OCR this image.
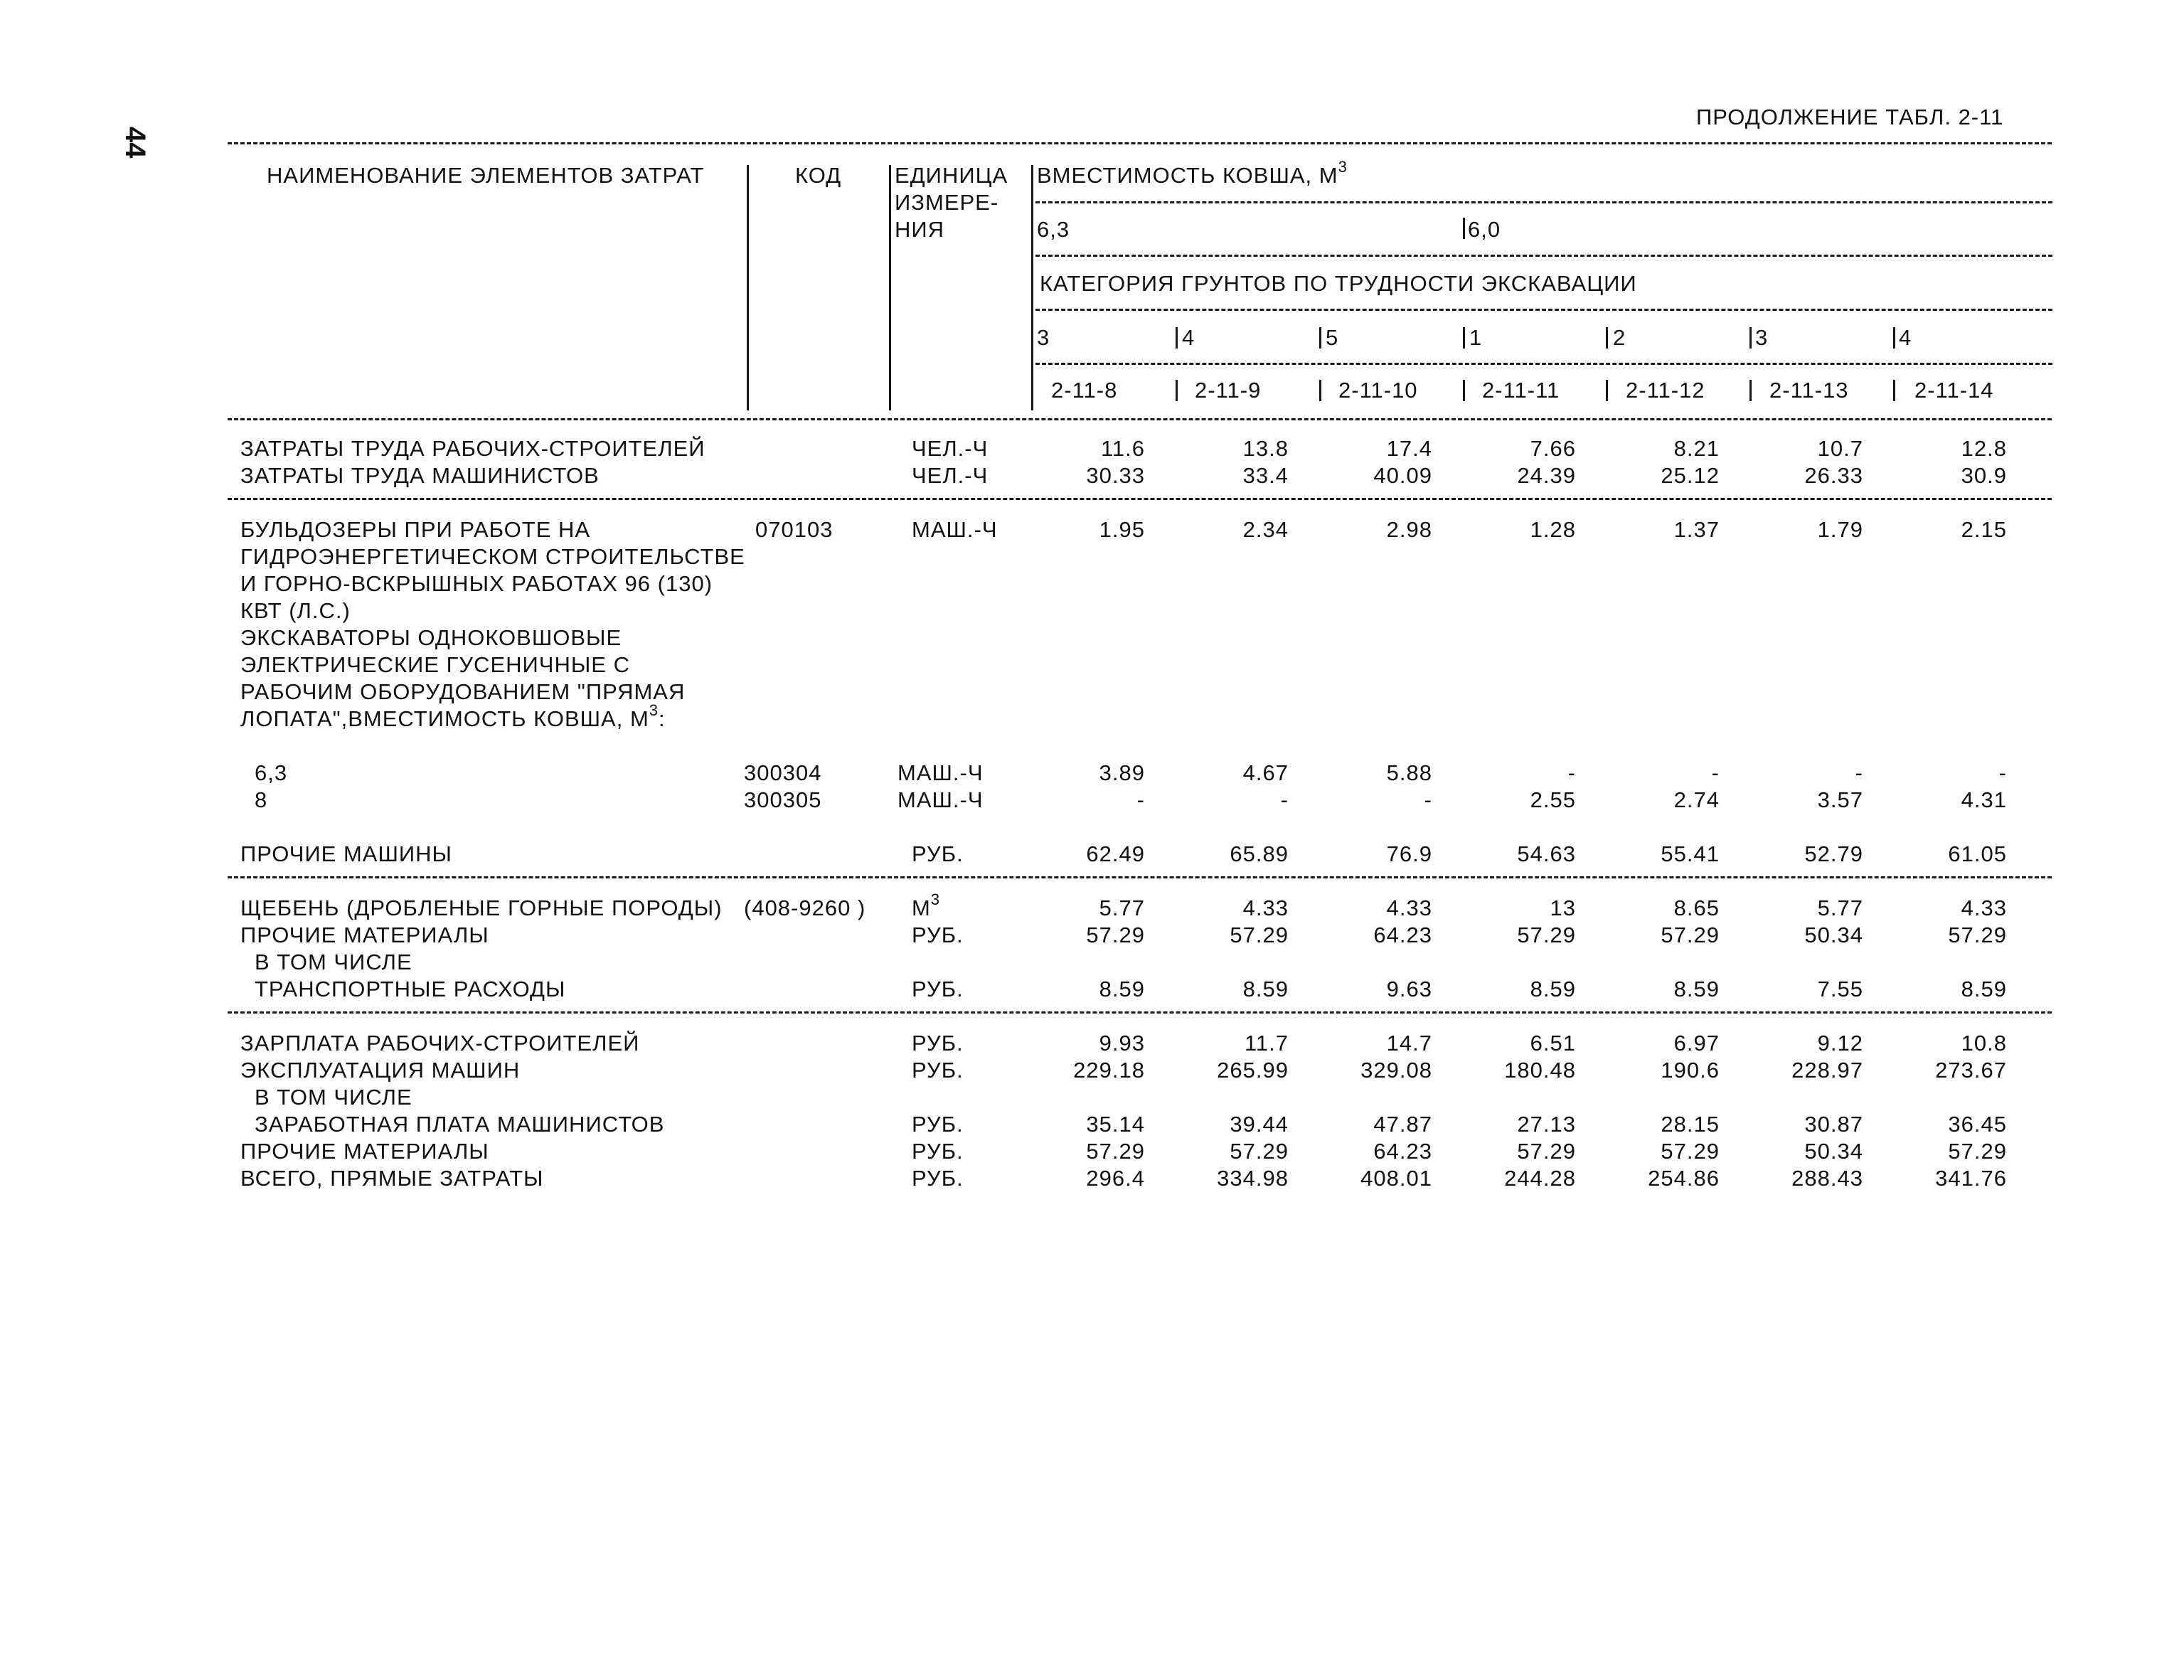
44
ПРОДОЛЖЕНИЕ ТАБЛ. 2-11
НАИМЕНОВАНИЕ ЭЛЕМЕНТОВ ЗАТРАТ	КОД ЕДИНИЦА
ИЗМЕРЕ-
НИЯ
ВМЕСТИМОСТЬ КОВША, $М^3$
6,3	6,0
КАТЕГОРИЯ ГРУНТОВ ПО ТРУДНОСТИ ЭКСКАВАЦИИ
3	4	5	1	2	3	4
2-11-8	2-11-9	2-11-10	2-11-11	2-11-12	2-11-13	2-11-14
ЗАТРАТЫ ТРУДА РАБОЧИХ-СТРОИТЕЛЕЙ	ЧЕЛ.-Ч	11.6	13.8	17.4	7.66	8.21	10.7	12.8
ЗАТРАТЫ ТРУДА МАШИНИСТОВ	ЧЕЛ.-Ч	30.33	33.4	40.09	24.39	25.12	26.33	30.9
БУЛЬДОЗЕРЫ ПРИ РАБОТЕ НА
ГИДРОЭНЕРГЕТИЧЕСКОМ СТРОИТЕЛЬСТВЕ
И ГОРНО-ВСКРЫШНЫХ РАБОТАХ 96 (130)
КВТ (Л.С.)
070103	МАШ.-Ч	1.95	2.34	2.98	1.28	1.37	1.79	2.15
ЭКСКАВАТОРЫ ОДНОКОВШОВЫЕ
ЭЛЕКТРИЧЕСКИЕ ГУСЕНИЧНЫЕ С
РАБОЧИМ ОБОРУДОВАНИЕМ "ПРЯМАЯ
ЛОПАТА",ВМЕСТИМОСТЬ КОВША, $М^3$:
6,3	300304	МАШ.-Ч	3.89	4.67	5.88	-	-	-	-
8	300305	МАШ.-Ч	-	-	-	2.55	2.74	3.57	4.31
ПРОЧИЕ МАШИНЫ	РУБ.	62.49	65.89	76.9	54.63	55.41	52.79	61.05
ЩЕБЕНЬ (ДРОБЛЕНЫЕ ГОРНЫЕ ПОРОДЫ) (408-9260 ) $М^3$	5.77	4.33	4.33	13	8.65	5.77	4.33
ПРОЧИЕ МАТЕРИАЛЫ	РУБ.	57.29	57.29	64.23	57.29	57.29	50.34	57.29
В ТОМ ЧИСЛЕ
ТРАНСПОРТНЫЕ РАСХОДЫ	РУБ.	8.59	8.59	9.63	8.59	8.59	7.55	8.59
ЗАРПЛАТА РАБОЧИХ-СТРОИТЕЛЕЙ	РУБ.	9.93	11.7	14.7	6.51	6.97	9.12	10.8
ЭКСПЛУАТАЦИЯ МАШИН	РУБ.	229.18	265.99	329.08	180.48	190.6	228.97	273.67
В ТОМ ЧИСЛЕ
ЗАРАБОТНАЯ ПЛАТА МАШИНИСТОВ	РУБ.	35.14	39.44	47.87	27.13	28.15	30.87	36.45
ПРОЧИЕ МАТЕРИАЛЫ	РУБ.	57.29	57.29	64.23	57.29	57.29	50.34	57.29
ВСЕГО, ПРЯМЫЕ ЗАТРАТЫ	РУБ.	296.4	334.98	408.01	244.28	254.86	288.43	341.76
